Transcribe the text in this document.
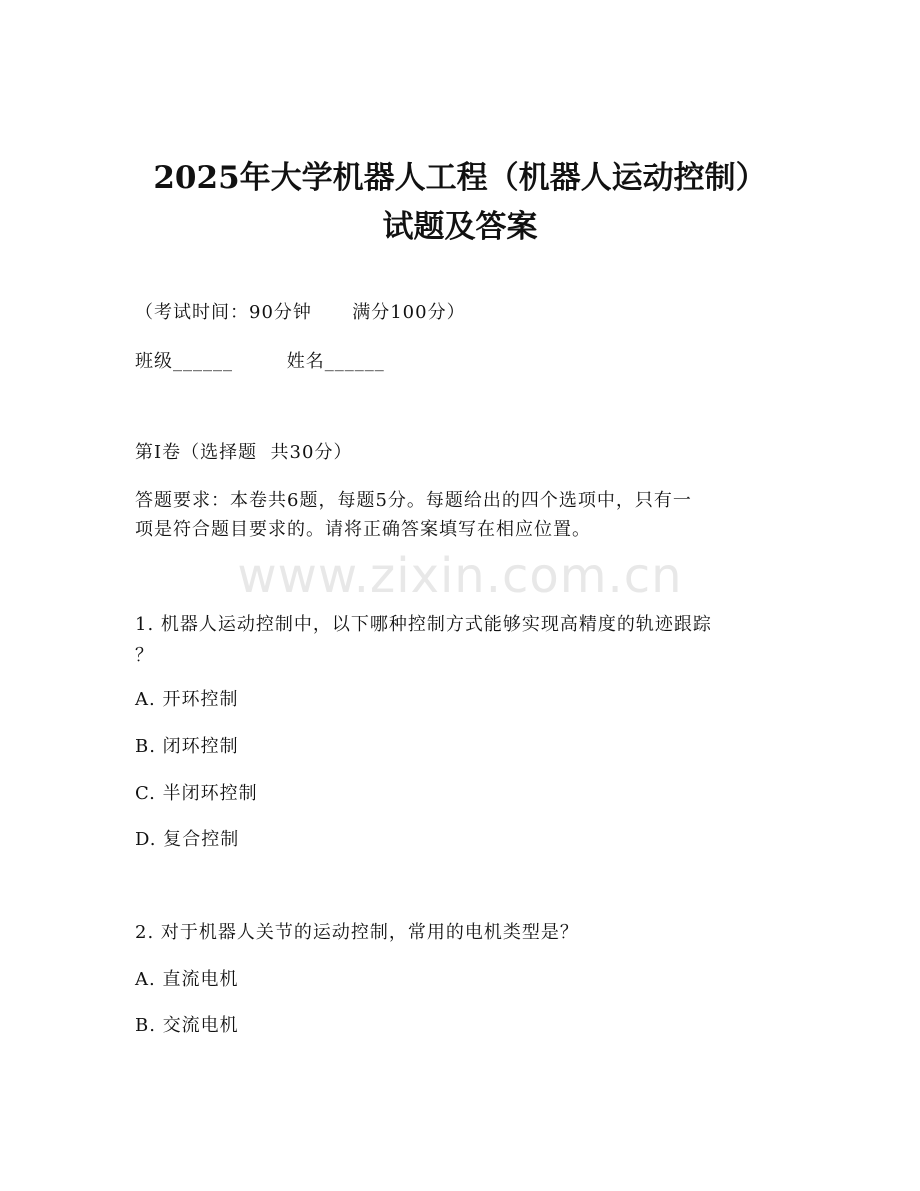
2025年大学机器人工程（机器人运动控制）
试题及答案
（考试时间：90分钟      满分100分）
班级______        姓名______
第I卷（选择题  共30分）
答题要求：本卷共6题，每题5分。每题给出的四个选项中，只有一
项是符合题目要求的。请将正确答案填写在相应位置。
www.zixin.com.cn
1. 机器人运动控制中，以下哪种控制方式能够实现高精度的轨迹跟踪
？
A. 开环控制
B. 闭环控制
C. 半闭环控制
D. 复合控制
2. 对于机器人关节的运动控制，常用的电机类型是？
A. 直流电机
B. 交流电机
